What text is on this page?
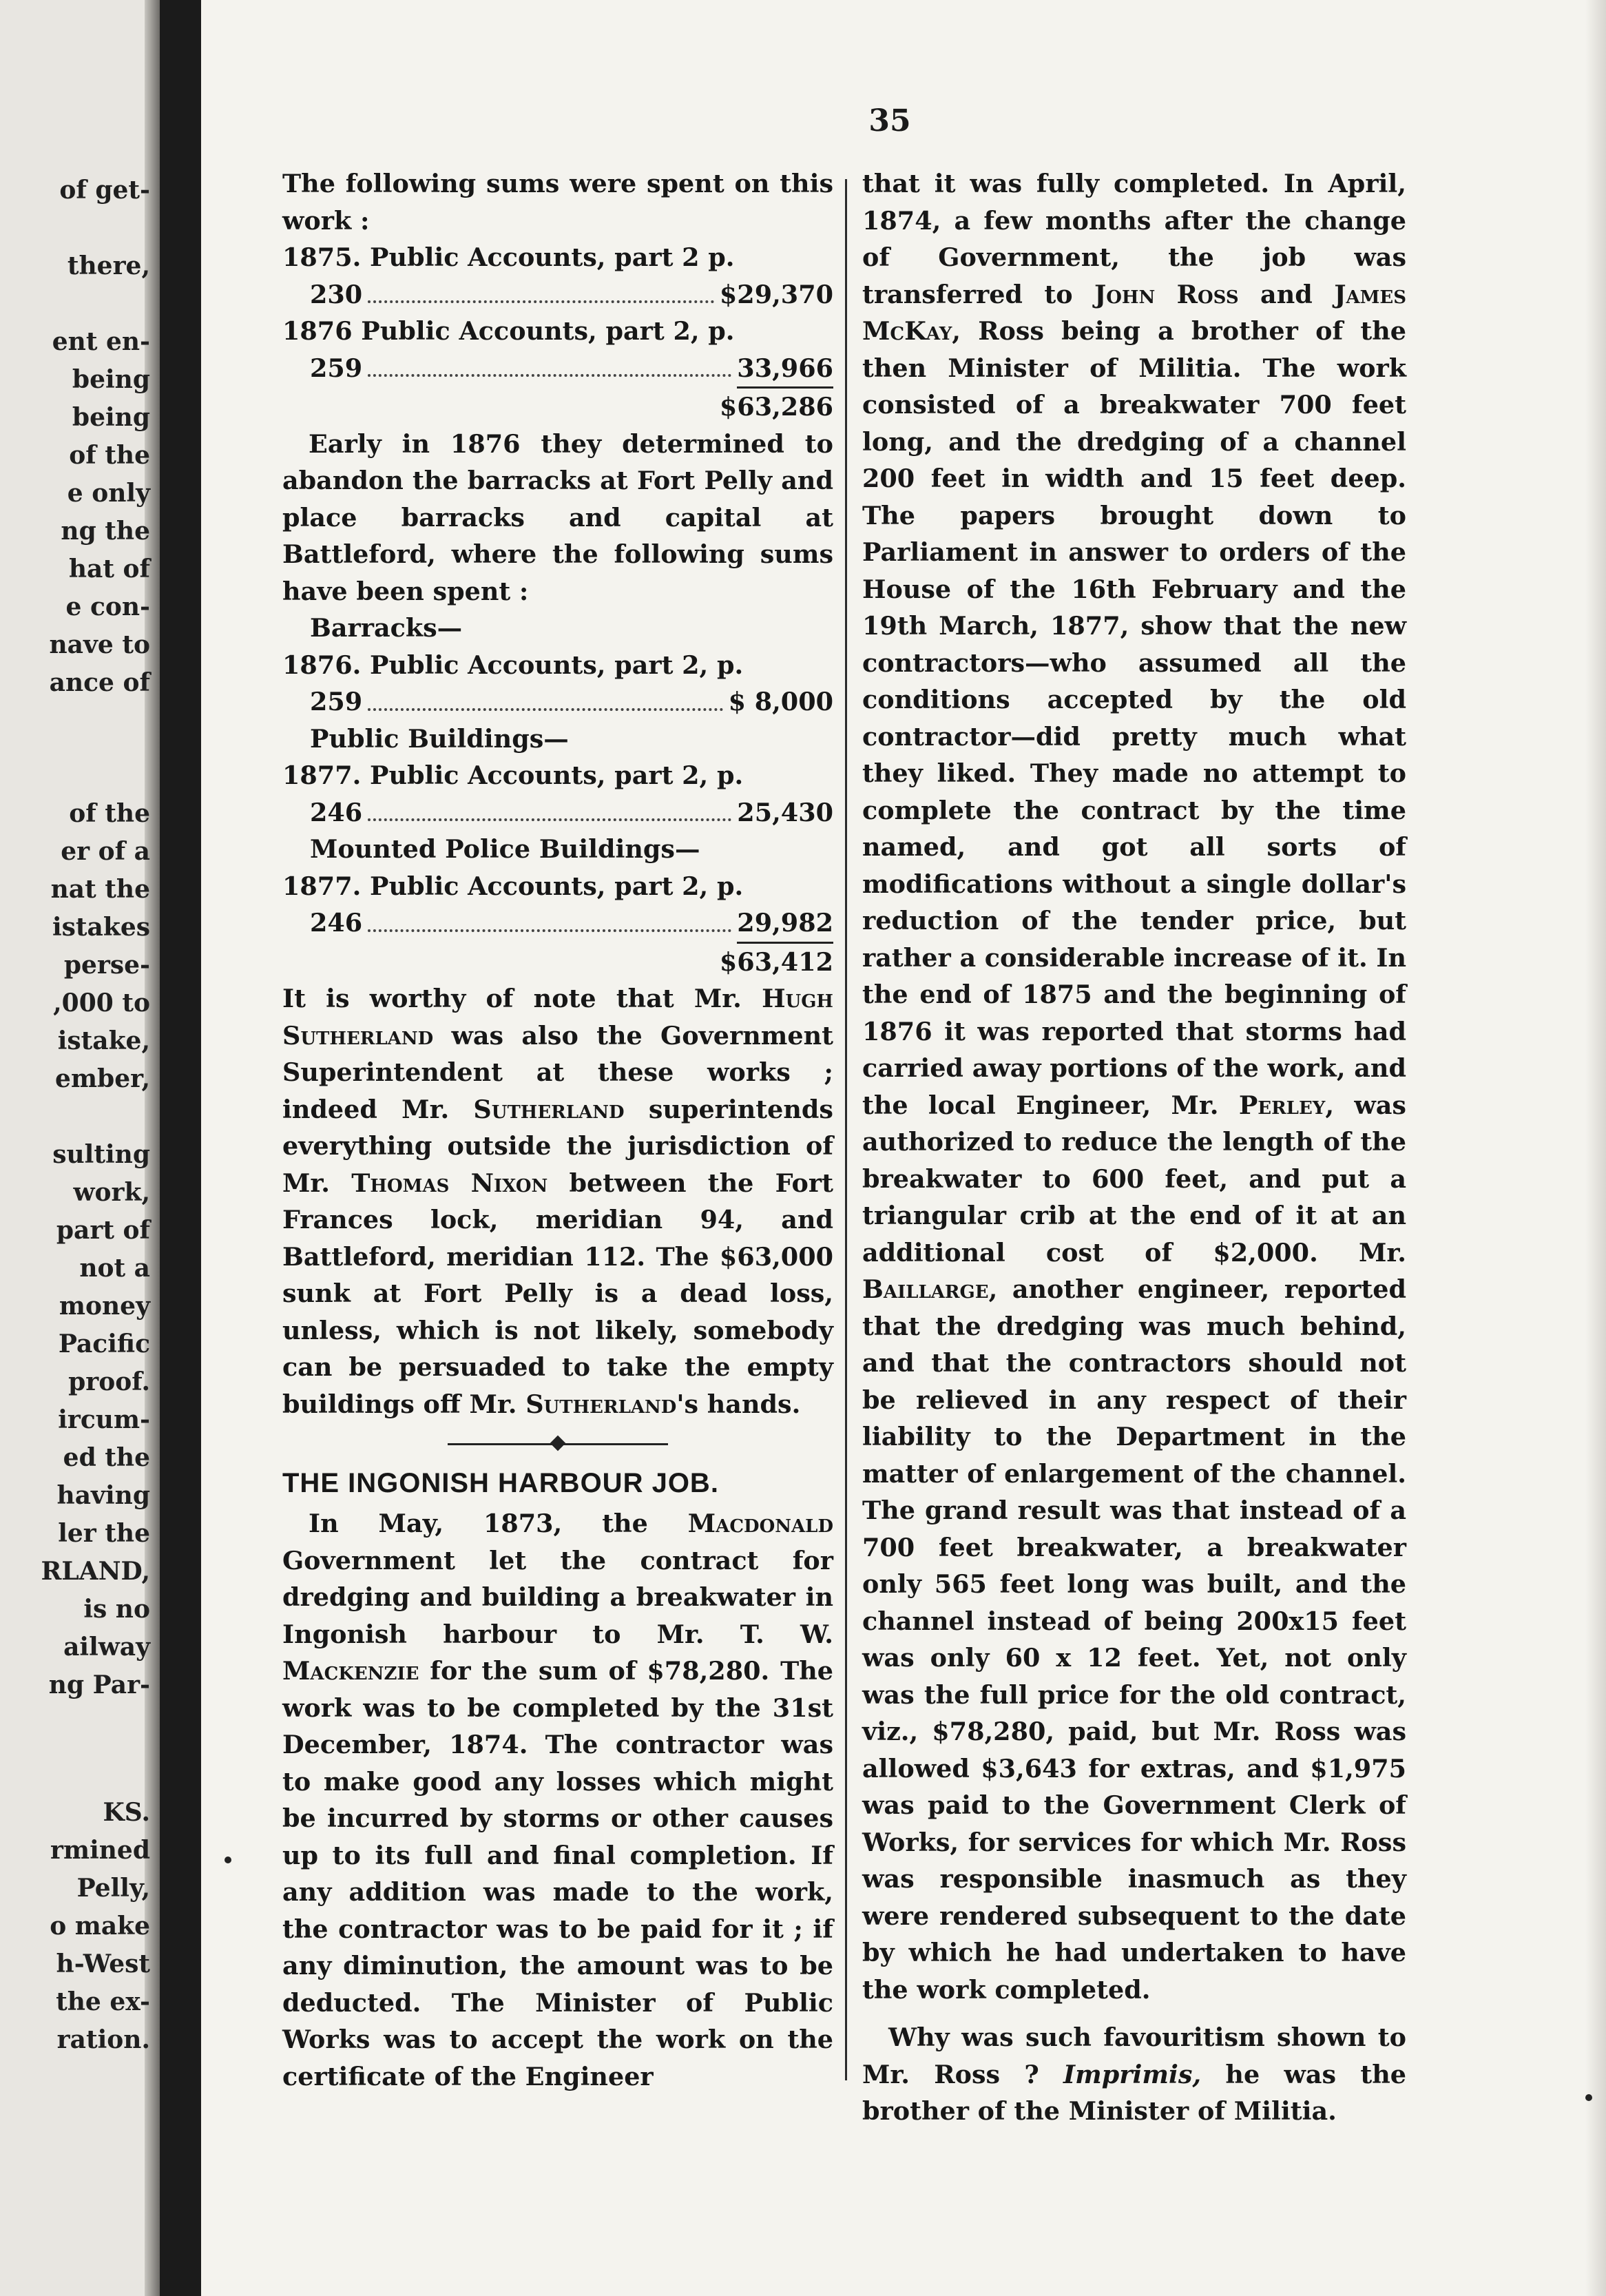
of get-
there,
ent en-
being
being
of the
e only
ng the
hat of
e con-
nave to
ance of
of the
er of a
nat the
istakes
perse-
,000 to
istake,
ember,
sulting
work,
part of
not a
money
Pacific
proof.
ircum-
ed the
having
ler the
RLAND,
is no
ailway
ng Par-
KS.
rmined
Pelly,
o make
h-West
the ex-
ration.
35

The following sums were spent on this work :

1875. Public Accounts, part 2 p.
230	$29,370
1876 Public Accounts, part 2, p.
259	33,966
$63,286

Early in 1876 they determined to abandon the barracks at Fort Pelly and place barracks and capital at Battleford, where the following sums have been spent :

Barracks—
1876. Public Accounts, part 2, p.
259	$ 8,000
Public Buildings—
1877. Public Accounts, part 2, p.
246	25,430
Mounted Police Buildings—
1877. Public Accounts, part 2, p.
246	29,982
$63,412

It is worthy of note that Mr. Hugh Sutherland was also the Government Superintendent at these works ; indeed Mr. Sutherland superintends everything outside the jurisdiction of Mr. Thomas Nixon between the Fort Frances lock, meridian 94, and Battleford, meridian 112. The $63,000 sunk at Fort Pelly is a dead loss, unless, which is not likely, somebody can be persuaded to take the empty buildings off Mr. Sutherland's hands.

THE INGONISH HARBOUR JOB.

In May, 1873, the Macdonald Government let the contract for dredging and building a breakwater in Ingonish harbour to Mr. T. W. Mackenzie for the sum of $78,280. The work was to be completed by the 31st December, 1874. The contractor was to make good any losses which might be incurred by storms or other causes up to its full and final completion. If any addition was made to the work, the contractor was to be paid for it ; if any diminution, the amount was to be deducted. The Minister of Public Works was to accept the work on the certificate of the Engineer

that it was fully completed. In April, 1874, a few months after the change of Government, the job was transferred to John Ross and James McKay, Ross being a brother of the then Minister of Militia. The work consisted of a breakwater 700 feet long, and the dredging of a channel 200 feet in width and 15 feet deep. The papers brought down to Parliament in answer to orders of the House of the 16th February and the 19th March, 1877, show that the new contractors—who assumed all the conditions accepted by the old contractor—did pretty much what they liked. They made no attempt to complete the contract by the time named, and got all sorts of modifications without a single dollar's reduction of the tender price, but rather a considerable increase of it. In the end of 1875 and the beginning of 1876 it was reported that storms had carried away portions of the work, and the local Engineer, Mr. Perley, was authorized to reduce the length of the breakwater to 600 feet, and put a triangular crib at the end of it at an additional cost of $2,000. Mr. Baillarge, another engineer, reported that the dredging was much behind, and that the contractors should not be relieved in any respect of their liability to the Department in the matter of enlargement of the channel. The grand result was that instead of a 700 feet breakwater, a breakwater only 565 feet long was built, and the channel instead of being 200x15 feet was only 60 x 12 feet. Yet, not only was the full price for the old contract, viz., $78,280, paid, but Mr. Ross was allowed $3,643 for extras, and $1,975 was paid to the Government Clerk of Works, for services for which Mr. Ross was responsible inasmuch as they were rendered subsequent to the date by which he had undertaken to have the work completed.

Why was such favouritism shown to Mr. Ross ? Imprimis, he was the brother of the Minister of Militia.
